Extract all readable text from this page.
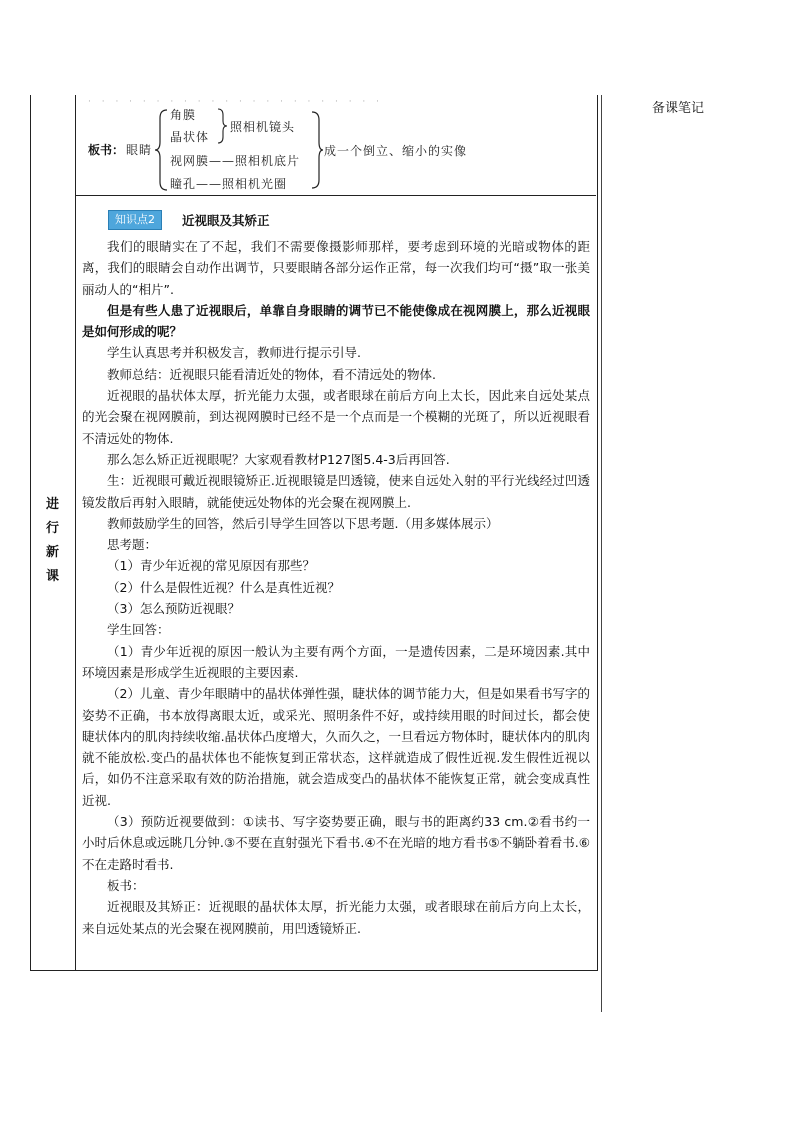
· · · · · · · · · · · · · · · · · · · · · ·	备课笔记
进
行
新
课
板书： 眼睛
角膜
晶状体
照相机镜头
视网膜——照相机底片
瞳孔——照相机光圈
成一个倒立、缩小的实像
知识点2	近视眼及其矫正

我们的眼睛实在了不起，我们不需要像摄影师那样，要考虑到环境的光暗或物体的距离，我们的眼睛会自动作出调节，只要眼睛各部分运作正常，每一次我们均可“摄”取一张美丽动人的“相片”.

但是有些人患了近视眼后，单靠自身眼睛的调节已不能使像成在视网膜上，那么近视眼是如何形成的呢？

学生认真思考并积极发言，教师进行提示引导.

教师总结：近视眼只能看清近处的物体，看不清远处的物体.

近视眼的晶状体太厚，折光能力太强，或者眼球在前后方向上太长，因此来自远处某点的光会聚在视网膜前，到达视网膜时已经不是一个点而是一个模糊的光斑了，所以近视眼看不清远处的物体.

那么怎么矫正近视眼呢？大家观看教材P127图5.4-3后再回答.

生：近视眼可戴近视眼镜矫正.近视眼镜是凹透镜，使来自远处入射的平行光线经过凹透镜发散后再射入眼睛，就能使远处物体的光会聚在视网膜上.

教师鼓励学生的回答，然后引导学生回答以下思考题.（用多媒体展示）

思考题：

（1）青少年近视的常见原因有那些？

（2）什么是假性近视？什么是真性近视？

（3）怎么预防近视眼？

学生回答：

（1）青少年近视的原因一般认为主要有两个方面，一是遗传因素，二是环境因素.其中环境因素是形成学生近视眼的主要因素.

（2）儿童、青少年眼睛中的晶状体弹性强，睫状体的调节能力大，但是如果看书写字的姿势不正确，书本放得离眼太近，或采光、照明条件不好，或持续用眼的时间过长，都会使睫状体内的肌肉持续收缩.晶状体凸度增大，久而久之，一旦看远方物体时，睫状体内的肌肉就不能放松.变凸的晶状体也不能恢复到正常状态，这样就造成了假性近视.发生假性近视以后，如仍不注意采取有效的防治措施，就会造成变凸的晶状体不能恢复正常，就会变成真性近视.

（3）预防近视要做到：①读书、写字姿势要正确，眼与书的距离约33 cm.②看书约一小时后休息或远眺几分钟.③不要在直射强光下看书.④不在光暗的地方看书⑤不躺卧着看书.⑥不在走路时看书.

板书：

近视眼及其矫正：近视眼的晶状体太厚，折光能力太强，或者眼球在前后方向上太长，来自远处某点的光会聚在视网膜前，用凹透镜矫正.
